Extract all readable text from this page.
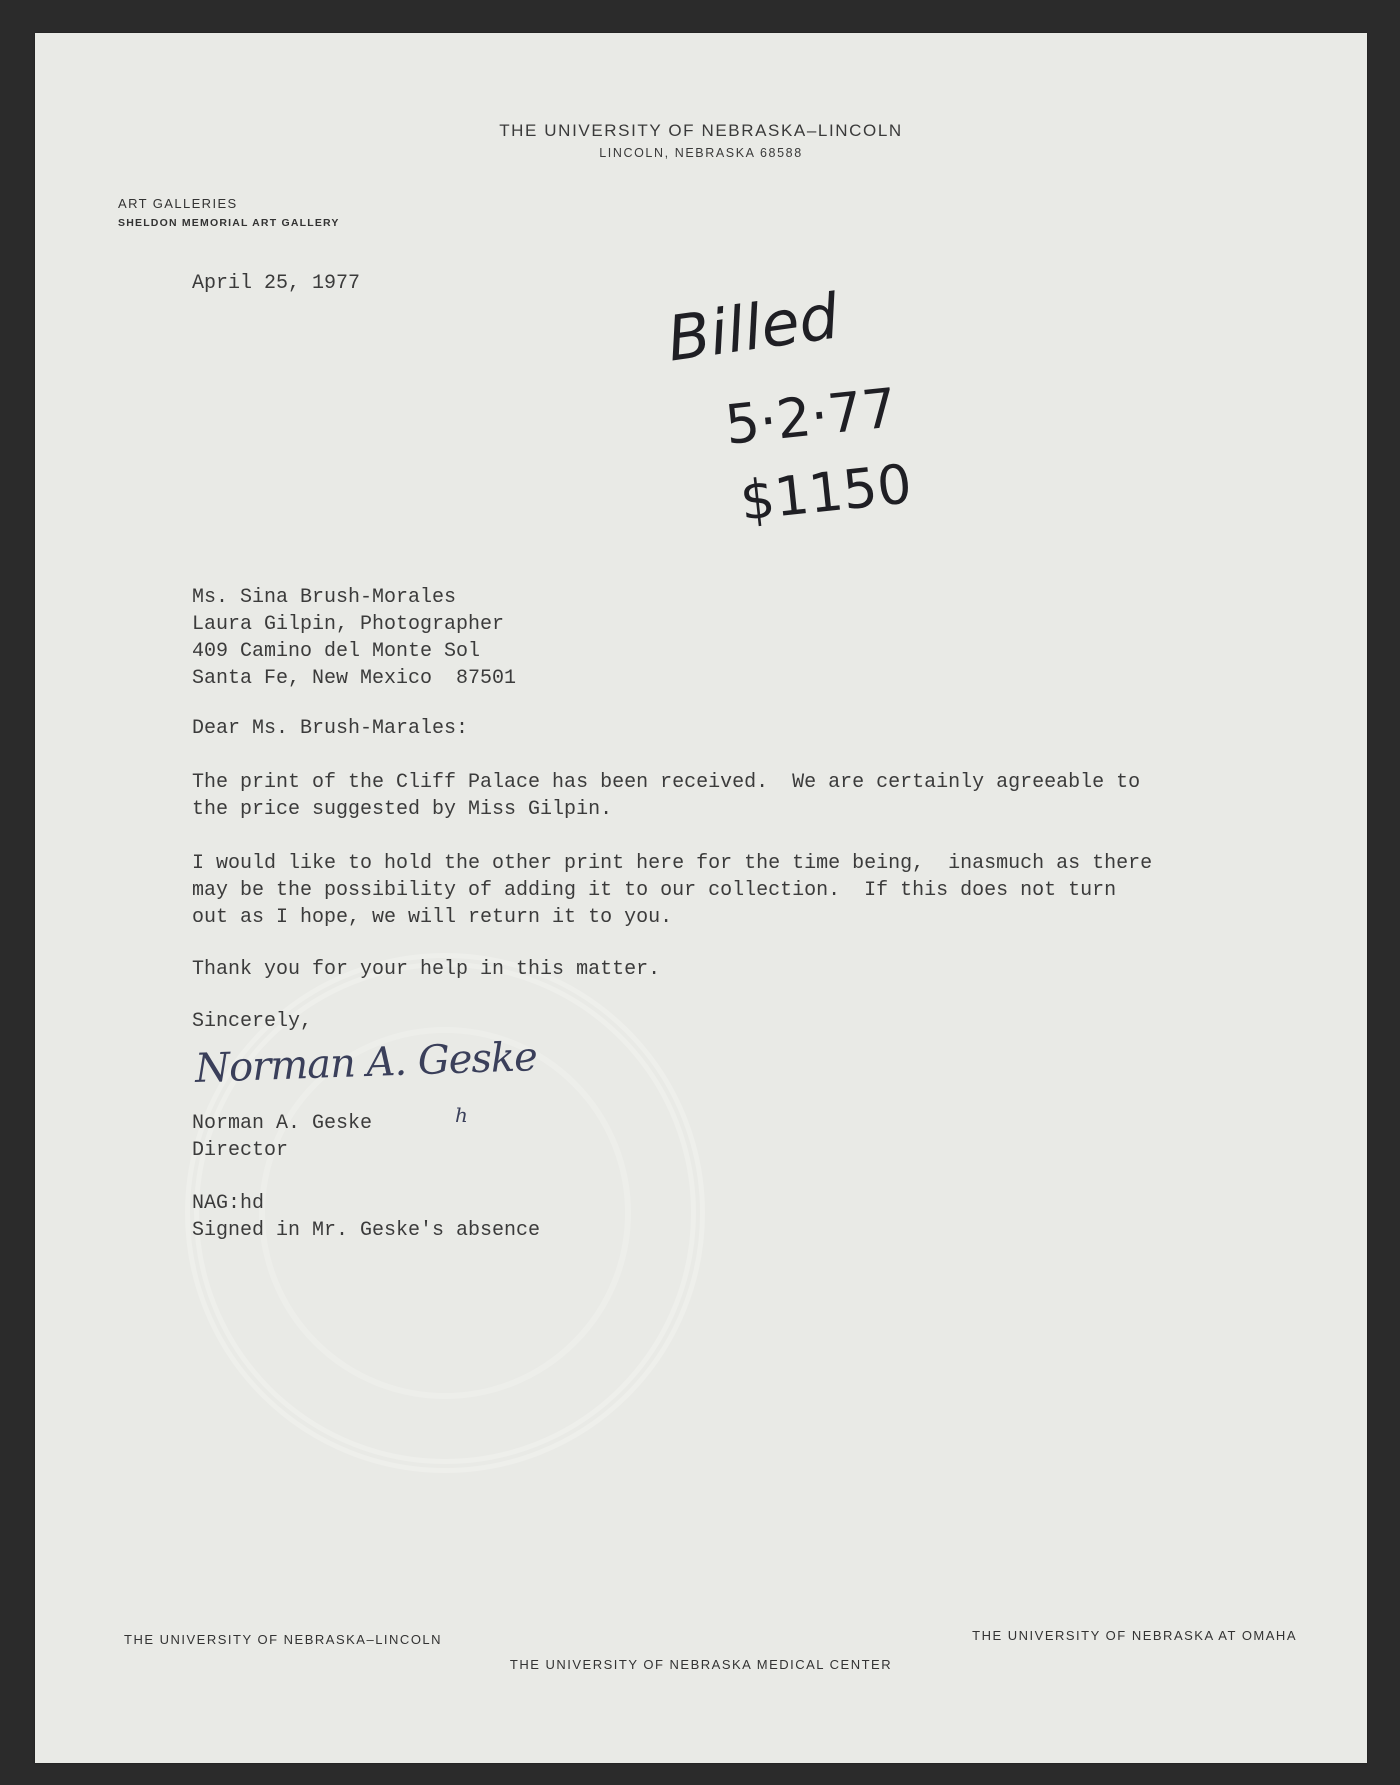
THE UNIVERSITY OF NEBRASKA–LINCOLN
LINCOLN, NEBRASKA 68588
ART GALLERIES
SHELDON MEMORIAL ART GALLERY
April 25, 1977	Billed
5·2·77
$1150
Ms. Sina Brush-Morales
Laura Gilpin, Photographer
409 Camino del Monte Sol
Santa Fe, New Mexico  87501
Dear Ms. Brush-Marales:
The print of the Cliff Palace has been received.  We are certainly agreeable to
the price suggested by Miss Gilpin.
I would like to hold the other print here for the time being,  inasmuch as there
may be the possibility of adding it to our collection.  If this does not turn
out as I hope, we will return it to you.
Thank you for your help in this matter.
Sincerely,
Norman A. Geske
h
Norman A. Geske
Director
NAG:hd
Signed in Mr. Geske's absence
THE UNIVERSITY OF NEBRASKA–LINCOLN	THE UNIVERSITY OF NEBRASKA AT OMAHA
THE UNIVERSITY OF NEBRASKA MEDICAL CENTER
